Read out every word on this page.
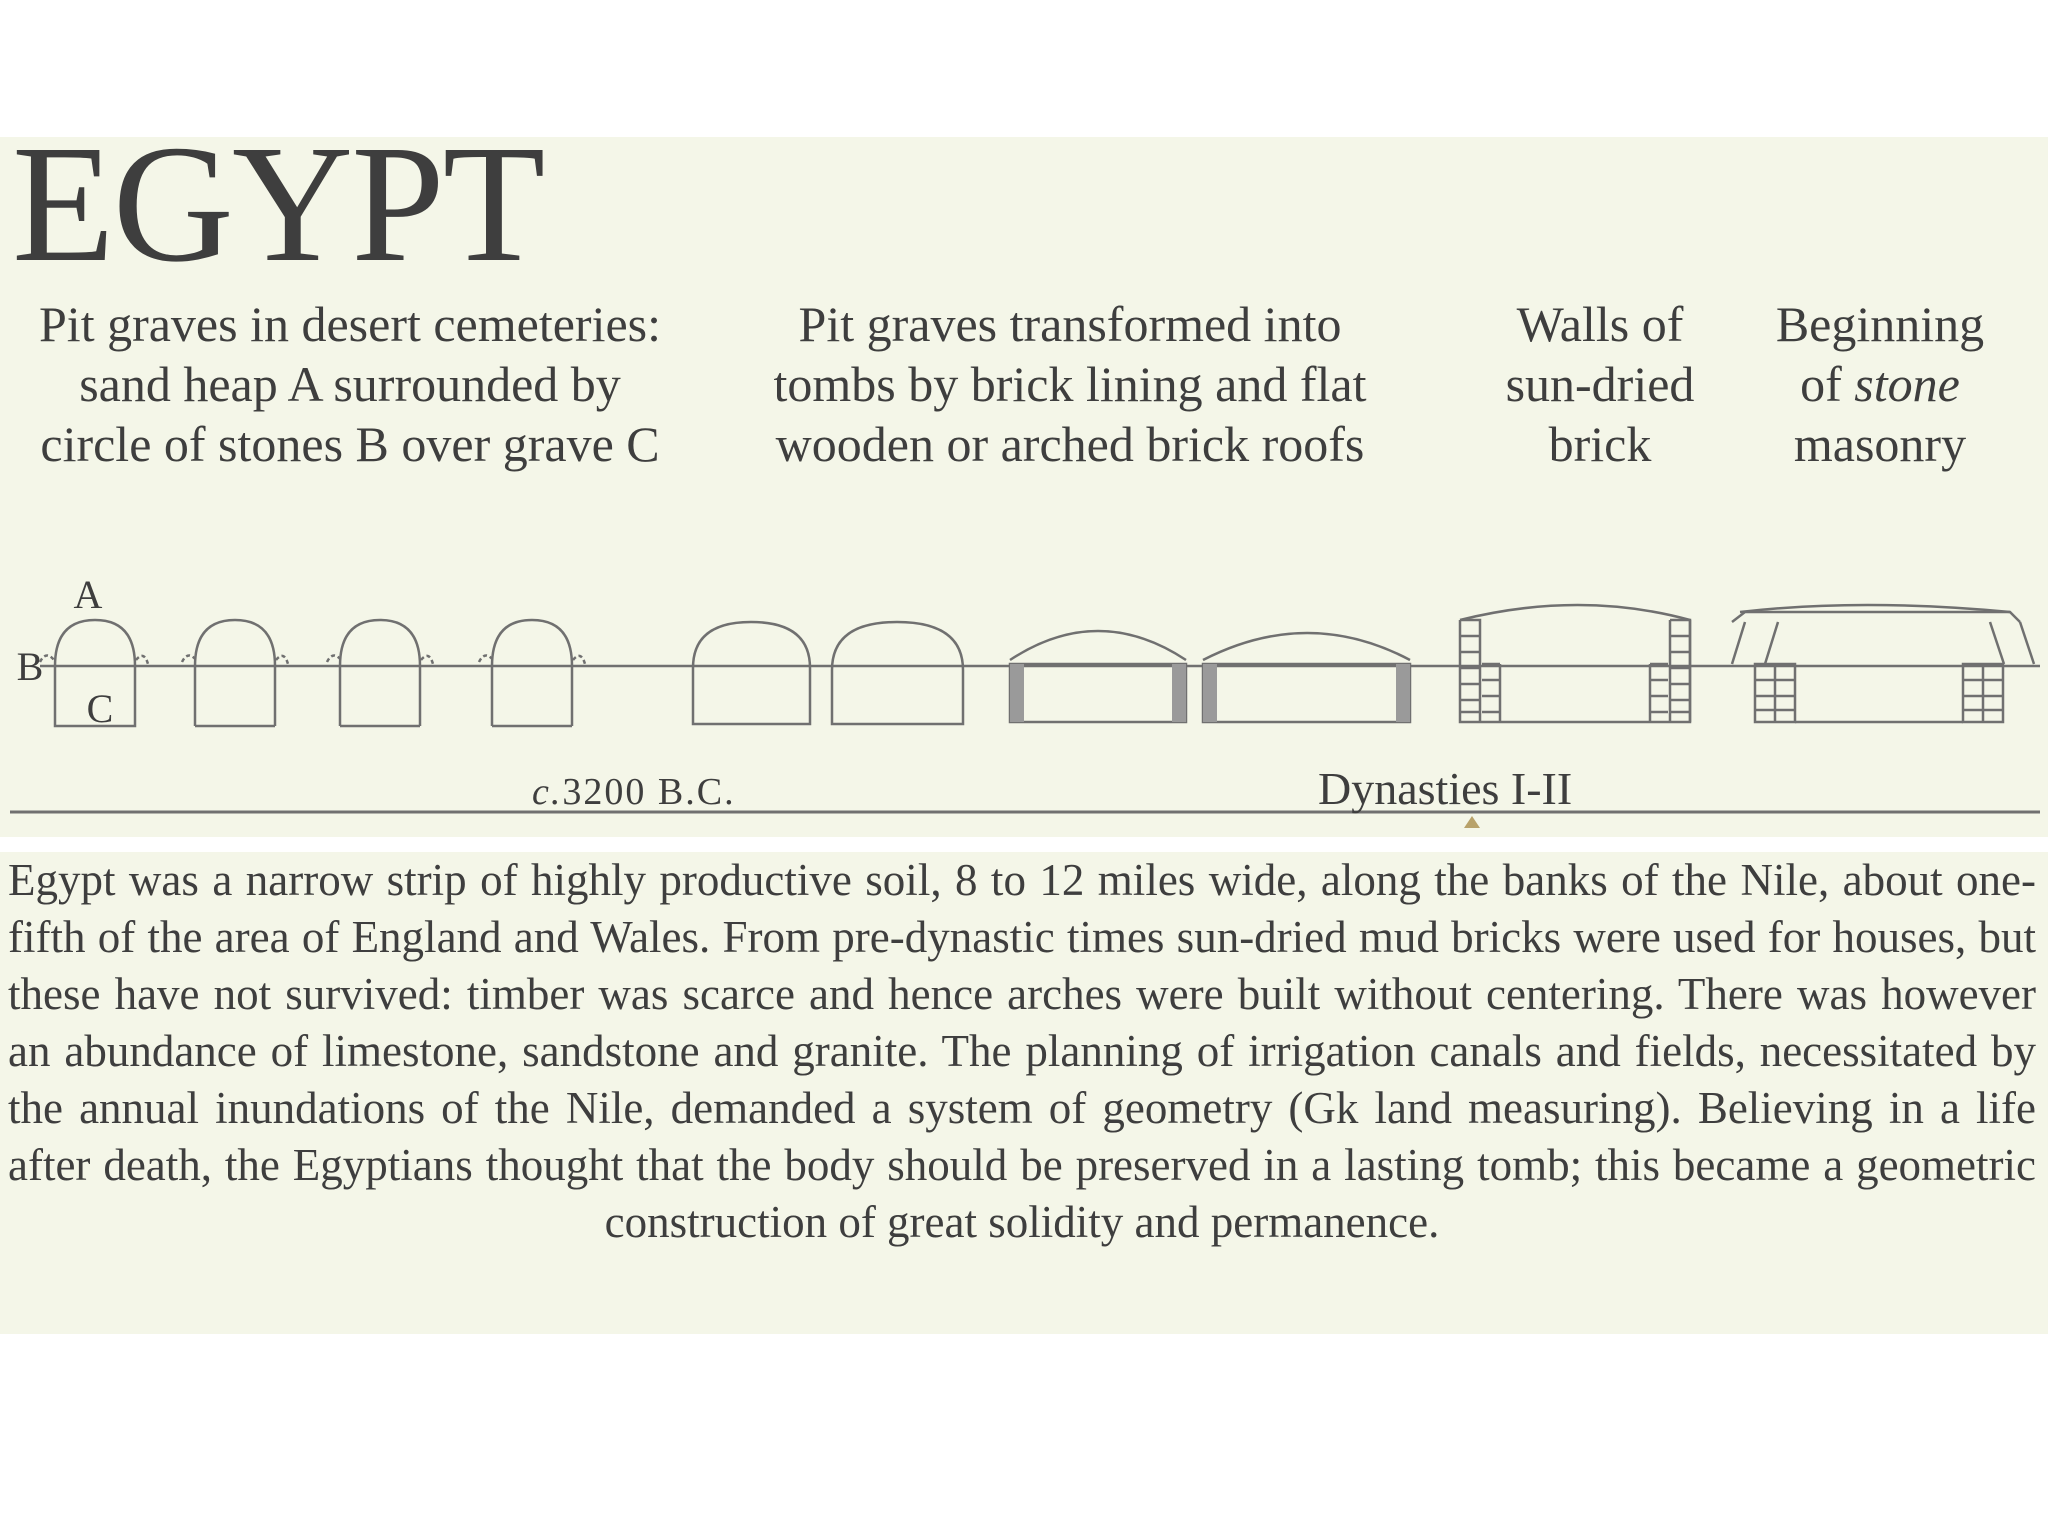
EGYPT

Pit graves in desert cemeteries:
sand heap A surrounded by
circle of stones B over grave C

Pit graves transformed into
tombs by brick lining and flat
wooden or arched brick roofs

Walls of
sun-dried
brick

Beginning
of stone
masonry

A
B
C
c.3200 B.C.	Dynasties I-II

Egypt was a narrow strip of highly productive soil, 8 to 12 miles wide, along the banks of the Nile, about one-fifth of the area of England and Wales. From pre-dynastic times sun-dried mud bricks were used for houses, but these have not survived: timber was scarce and hence arches were built without centering. There was however an abundance of limestone, sandstone and granite. The planning of irrigation canals and fields, necessitated by the annual inundations of the Nile, demanded a system of geometry (Gk land measuring). Believing in a life after death, the Egyptians thought that the body should be preserved in a lasting tomb; this became a geometric construction of great solidity and permanence.
